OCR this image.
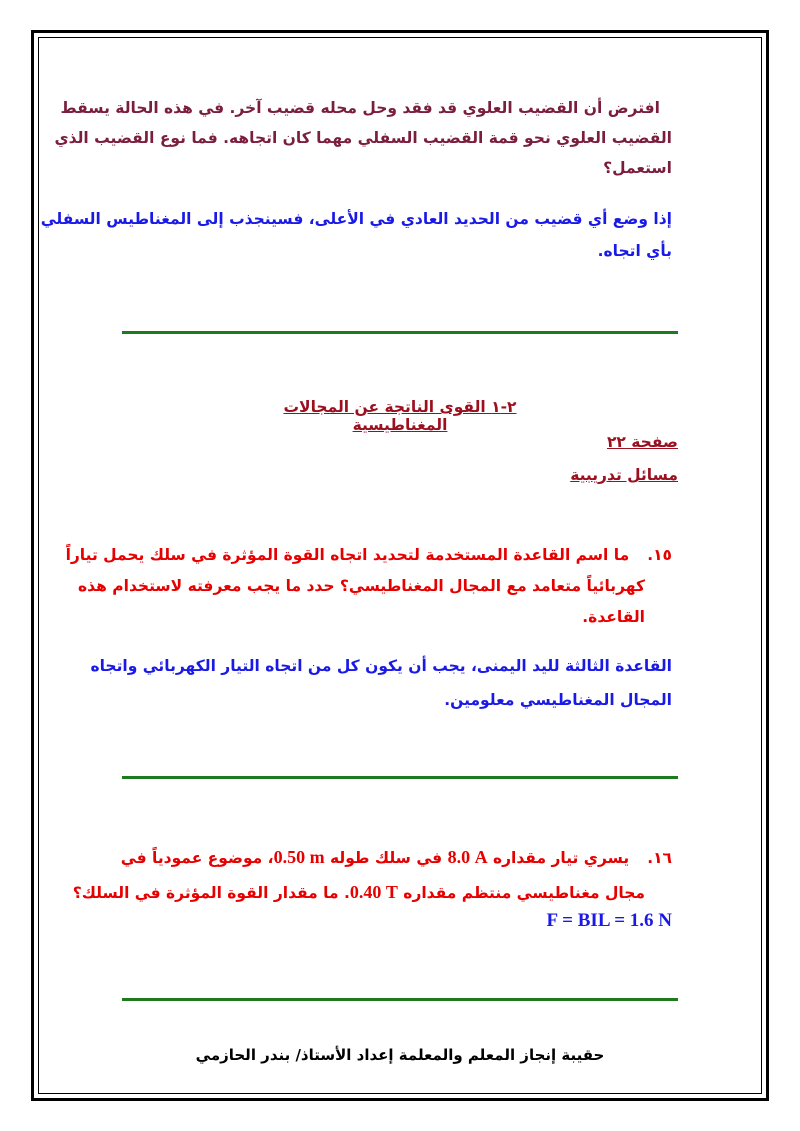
افترض أن القضيب العلوي قد فقد وحل محله قضيب آخر. في هذه الحالة يسقط
القضيب العلوي نحو قمة القضيب السفلي مهما كان اتجاهه. فما نوع القضيب الذي
استعمل؟
إذا وضع أي قضيب من الحديد العادي في الأعلى، فسينجذب إلى المغناطيس السفلي
بأي اتجاه.
٢-١ القوى الناتجة عن المجالات المغناطيسية
صفحة ٢٢
مسائل تدريبية
١٥.ما اسم القاعدة المستخدمة لتحديد اتجاه القوة المؤثرة في سلك يحمل تياراً
كهربائياً متعامد مع المجال المغناطيسي؟ حدد ما يجب معرفته لاستخدام هذه
القاعدة.
القاعدة الثالثة لليد اليمنى، يجب أن يكون كل من اتجاه التيار الكهربائي واتجاه
المجال المغناطيسي معلومين.
١٦.يسري تيار مقداره 8.0 A في سلك طوله 0.50 m، موضوع عمودياً في
مجال مغناطيسي منتظم مقداره 0.40 T. ما مقدار القوة المؤثرة في السلك؟
F = BIL = 1.6 N
حقيبة إنجاز المعلم والمعلمة إعداد الأستاذ/ بندر الحازمي
